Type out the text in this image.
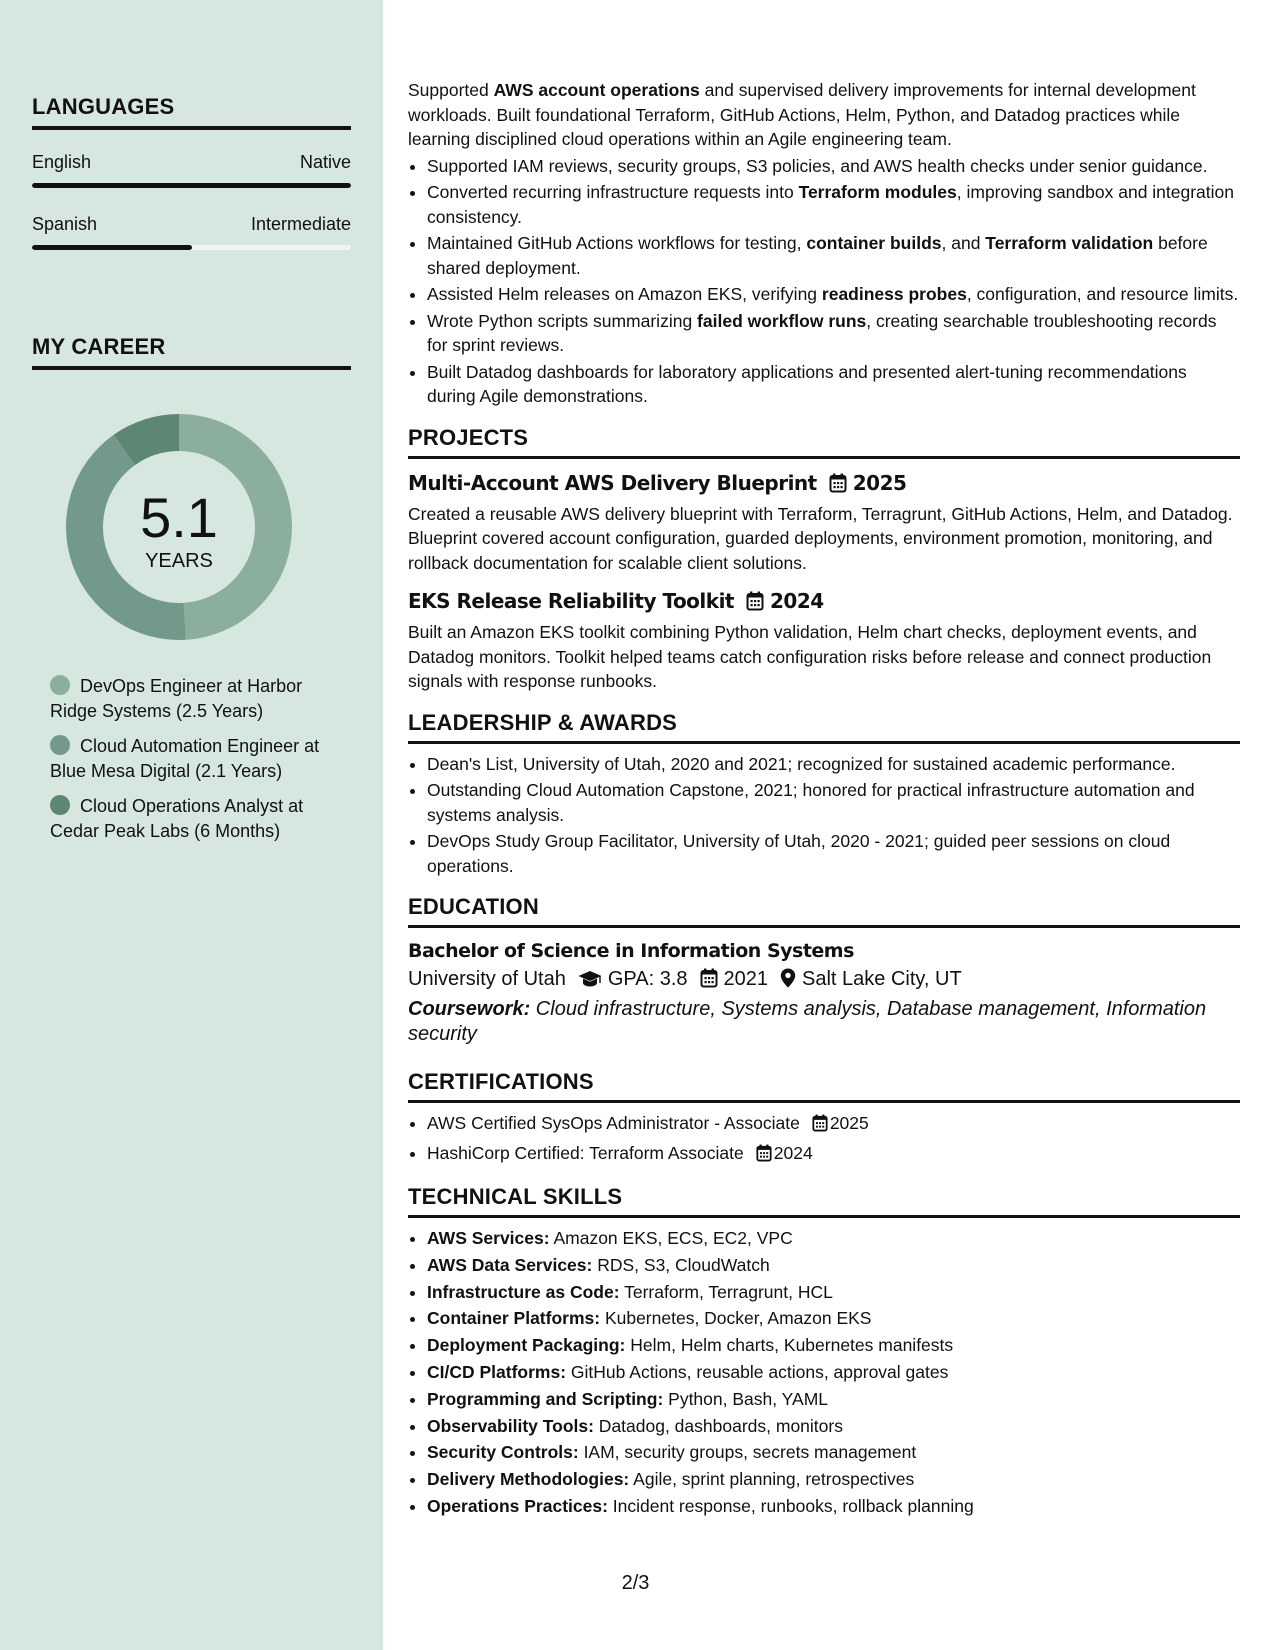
LANGUAGES
English	Native
Spanish	Intermediate
MY CAREER
5.1
YEARS
DevOps Engineer at Harbor Ridge Systems (2.5 Years)
Cloud Automation Engineer at Blue Mesa Digital (2.1 Years)
Cloud Operations Analyst at Cedar Peak Labs (6 Months)

Supported AWS account operations and supervised delivery improvements for internal development workloads. Built foundational Terraform, GitHub Actions, Helm, Python, and Datadog practices while learning disciplined cloud operations within an Agile engineering team.

• Supported IAM reviews, security groups, S3 policies, and AWS health checks under senior guidance.
• Converted recurring infrastructure requests into Terraform modules, improving sandbox and integration consistency.
• Maintained GitHub Actions workflows for testing, container builds, and Terraform validation before shared deployment.
• Assisted Helm releases on Amazon EKS, verifying readiness probes, configuration, and resource limits.
• Wrote Python scripts summarizing failed workflow runs, creating searchable troubleshooting records for sprint reviews.
• Built Datadog dashboards for laboratory applications and presented alert-tuning recommendations during Agile demonstrations.
PROJECTS
Multi-Account AWS Delivery Blueprint 2025

Created a reusable AWS delivery blueprint with Terraform, Terragrunt, GitHub Actions, Helm, and Datadog. Blueprint covered account configuration, guarded deployments, environment promotion, monitoring, and rollback documentation for scalable client solutions.

EKS Release Reliability Toolkit 2024

Built an Amazon EKS toolkit combining Python validation, Helm chart checks, deployment events, and Datadog monitors. Toolkit helped teams catch configuration risks before release and connect production signals with response runbooks.

LEADERSHIP & AWARDS
• Dean's List, University of Utah, 2020 and 2021; recognized for sustained academic performance.
• Outstanding Cloud Automation Capstone, 2021; honored for practical infrastructure automation and systems analysis.
• DevOps Study Group Facilitator, University of Utah, 2020 - 2021; guided peer sessions on cloud operations.
EDUCATION
Bachelor of Science in Information Systems
University of Utah GPA: 3.8 2021 Salt Lake City, UT
Coursework: Cloud infrastructure, Systems analysis, Database management, Information security
CERTIFICATIONS
• AWS Certified SysOps Administrator - Associate 2025
• HashiCorp Certified: Terraform Associate 2024
TECHNICAL SKILLS
• AWS Services: Amazon EKS, ECS, EC2, VPC
• AWS Data Services: RDS, S3, CloudWatch
• Infrastructure as Code: Terraform, Terragrunt, HCL
• Container Platforms: Kubernetes, Docker, Amazon EKS
• Deployment Packaging: Helm, Helm charts, Kubernetes manifests
• CI/CD Platforms: GitHub Actions, reusable actions, approval gates
• Programming and Scripting: Python, Bash, YAML
• Observability Tools: Datadog, dashboards, monitors
• Security Controls: IAM, security groups, secrets management
• Delivery Methodologies: Agile, sprint planning, retrospectives
• Operations Practices: Incident response, runbooks, rollback planning
2/3
